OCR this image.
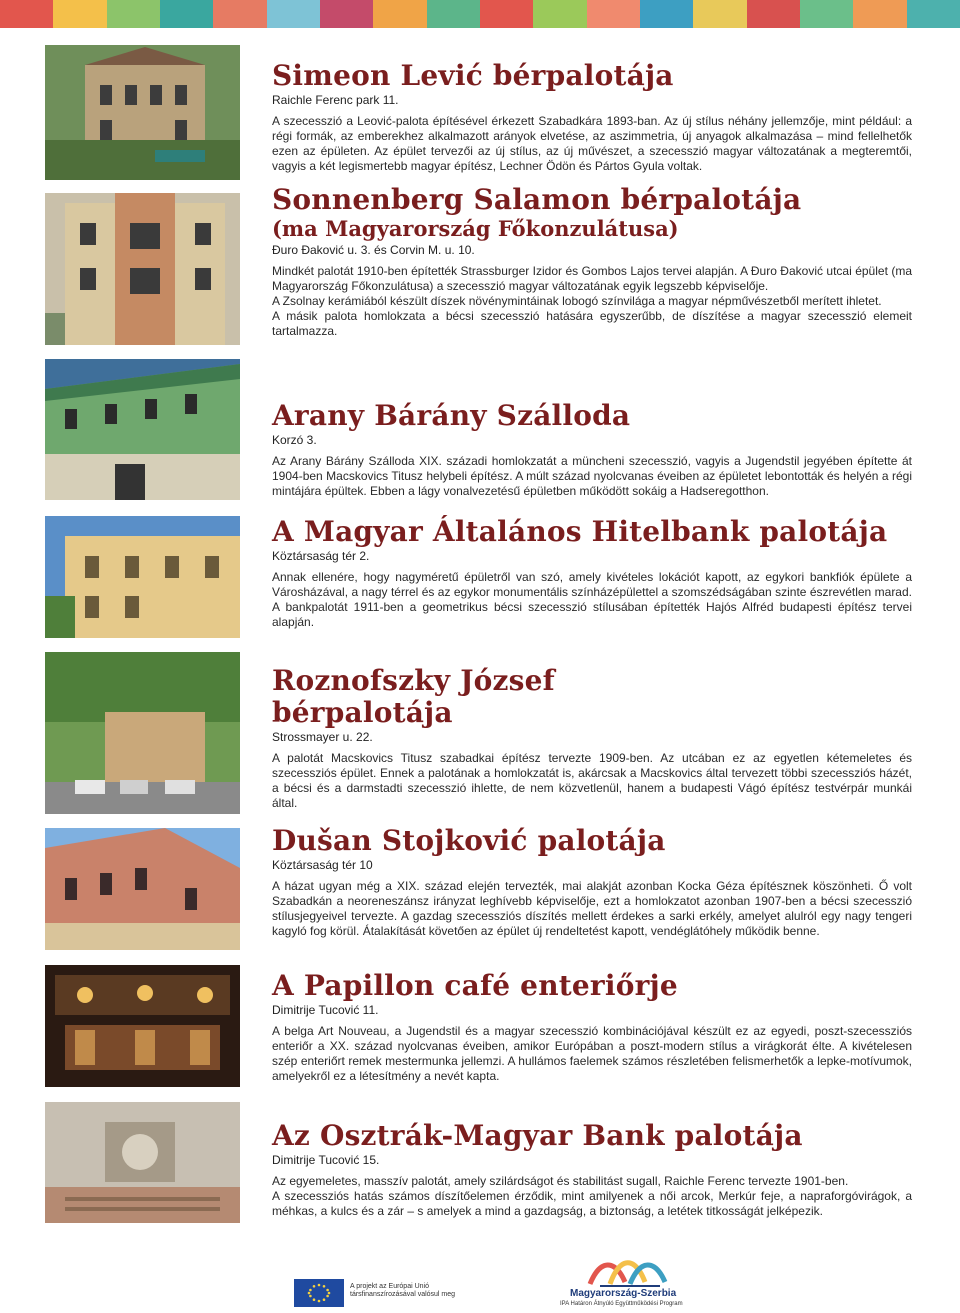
Simeon Lević bérpalotája
Raichle Ferenc park 11.

A szecesszió a Leović-palota építésével érkezett Szabadkára 1893-ban. Az új stílus néhány jellemzője, mint például: a régi formák, az emberekhez alkalmazott arányok elvetése, az aszimmetria, új anyagok alkalmazása – mind fellelhetők ezen az épületen. Az épület tervezői az új stílus, az új művészet, a szecesszió magyar változatának a megteremtői, vagyis a két legismertebb magyar építész, Lechner Ödön és Pártos Gyula voltak.

Sonnenberg Salamon bérpalotája
(ma Magyarország Főkonzulátusa)
Đuro Đaković u. 3. és Corvin M. u. 10.

Mindkét palotát 1910-ben építették Strassburger Izidor és Gombos Lajos tervei alapján. A Đuro Đaković utcai épület (ma Magyarország Főkonzulátusa) a szecesszió magyar változatának egyik legszebb képviselője.

A Zsolnay kerámiából készült díszek növénymintáinak lobogó színvilága a magyar népművészetből merített ihletet.

A másik palota homlokzata a bécsi szecesszió hatására egyszerűbb, de díszítése a magyar szecesszió elemeit tartalmazza.

Arany Bárány Szálloda
Korzó 3.

Az Arany Bárány Szálloda XIX. századi homlokzatát a müncheni szecesszió, vagyis a Jugendstil jegyében építette át 1904-ben Macskovics Titusz helybeli építész. A múlt század nyolcvanas éveiben az épületet lebontották és helyén a régi mintájára épültek. Ebben a lágy vonalvezetésű épületben működött sokáig a Hadseregotthon.

A Magyar Általános Hitelbank palotája
Köztársaság tér 2.

Annak ellenére, hogy nagyméretű épületről van szó, amely kivételes lokációt kapott, az egykori bankfiók épülete a Városházával, a nagy térrel és az egykor monumentális színházépülettel a szomszédságában szinte észrevétlen marad. A bankpalotát 1911-ben a geometrikus bécsi szecesszió stílusában építették Hajós Alfréd budapesti építész tervei alapján.

Roznofszky József bérpalotája
Strossmayer u. 22.

A palotát Macskovics Titusz szabadkai építész tervezte 1909-ben. Az utcában ez az egyetlen kétemeletes és szecessziós épület. Ennek a palotának a homlokzatát is, akárcsak a Macskovics által tervezett többi szecessziós házét, a bécsi és a darmstadti szecesszió ihlette, de nem közvetlenül, hanem a budapesti Vágó építész testvérpár munkái által.

Dušan Stojković palotája
Köztársaság tér 10

A házat ugyan még a XIX. század elején tervezték, mai alakját azonban Kocka Géza építésznek köszönheti. Ő volt Szabadkán a neoreneszánsz irányzat leghívebb képviselője, ezt a homlokzatot azonban 1907-ben a bécsi szecesszió stílusjegyeivel tervezte. A gazdag szecessziós díszítés mellett érdekes a sarki erkély, amelyet alulról egy nagy tengeri kagyló fog körül. Átalakítását követően az épület új rendeltetést kapott, vendéglátóhely működik benne.

A Papillon café enteriőrje
Dimitrije Tucović 11.

A belga Art Nouveau, a Jugendstil és a magyar szecesszió kombinációjával készült ez az egyedi, poszt-szecessziós enteriőr a XX. század nyolcvanas éveiben, amikor Európában a poszt-modern stílus a virágkorát élte. A kivételesen szép enteriőrt remek mestermunka jellemzi. A hullámos faelemek számos részletében felismerhetők a lepke-motívumok, amelyekről ez a létesítmény a nevét kapta.

Az Osztrák-Magyar Bank palotája
Dimitrije Tucović 15.

Az egyemeletes, masszív palotát, amely szilárdságot és stabilitást sugall, Raichle Ferenc tervezte 1901-ben.

A szecessziós hatás számos díszítőelemen érződik, mint amilyenek a női arcok, Merkúr feje, a napraforgóvirágok, a méhkas, a kulcs és a zár – s amelyek a mind a gazdagság, a biztonság, a letétek titkosságát jelképezik.

A projekt az Európai Unió társfinanszírozásával valósul meg	Magyarország-Szerbia
IPA Határon Átnyúló Együttműködési Program
